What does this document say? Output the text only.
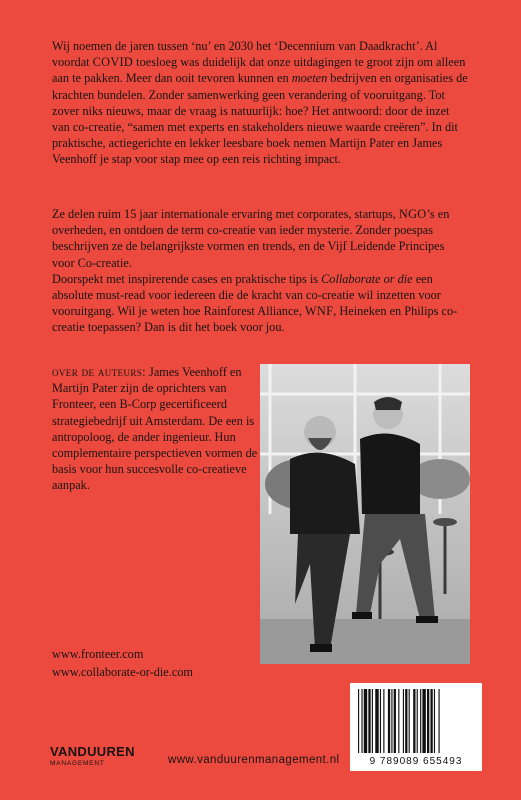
Wij noemen de jaren tussen ‘nu’ en 2030 het ‘Decennium van Daadkracht’. Al voordat COVID toesloeg was duidelijk dat onze uitdagingen te groot zijn om alleen aan te pakken. Meer dan ooit tevoren kunnen en moeten bedrijven en organisaties de krachten bundelen. Zonder samenwerking geen verandering of vooruitgang. Tot zover niks nieuws, maar de vraag is natuurlijk: hoe? Het antwoord: door de inzet van co-creatie, “samen met experts en stakeholders nieuwe waarde creëren”. In dit praktische, actiegerichte en lekker leesbare boek nemen Martijn Pater en James Veenhoff je stap voor stap mee op een reis richting impact.

Ze delen ruim 15 jaar internationale ervaring met corporates, startups, NGO’s en overheden, en ontdoen de term co-creatie van ieder mysterie. Zonder poespas beschrijven ze de belangrijkste vormen en trends, en de Vijf Leidende Principes voor Co-creatie.

Doorspekt met inspirerende cases en praktische tips is Collaborate or die een absolute must-read voor iedereen die de kracht van co-creatie wil inzetten voor vooruitgang. Wil je weten hoe Rainforest Alliance, WNF, Heineken en Philips co-creatie toepassen? Dan is dit het boek voor jou.

over de auteurs: James Veenhoff en Martijn Pater zijn de oprichters van Fronteer, een B-Corp gecertificeerd strategiebedrijf uit Amsterdam. De een is antropoloog, de ander ingenieur. Hun complementaire perspectieven vormen de basis voor hun succesvolle co-creatieve aanpak.
www.fronteer.com
www.collaborate-or-die.com
VANDUUREN
MANAGEMENT	www.vanduurenmanagement.nl	9 789089 655493
